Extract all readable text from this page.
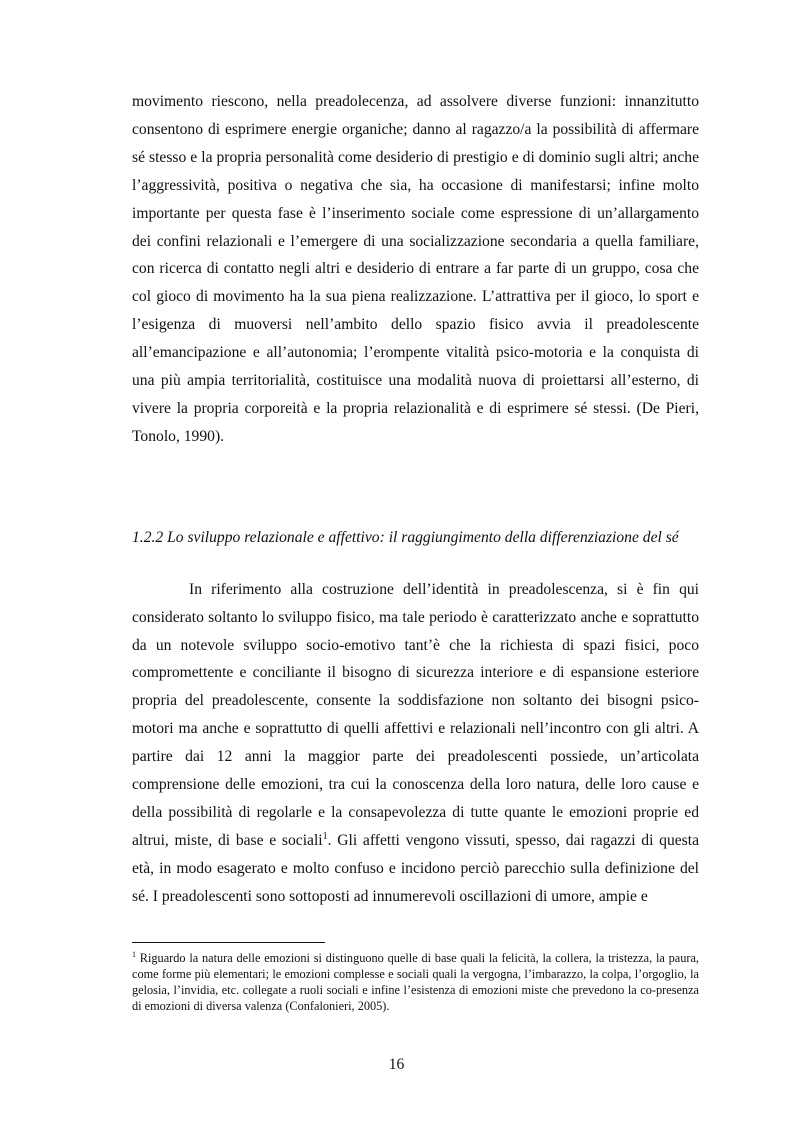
movimento riescono, nella preadolecenza, ad assolvere diverse funzioni: innanzitutto consentono di esprimere energie organiche; danno al ragazzo/a la possibilità di affermare sé stesso e la propria personalità come desiderio di prestigio e di dominio sugli altri; anche l’aggressività, positiva o negativa che sia, ha occasione di manifestarsi; infine molto importante per questa fase è l’inserimento sociale come espressione di un’allargamento dei confini relazionali e l’emergere di una socializzazione secondaria a quella familiare, con ricerca di contatto negli altri e desiderio di entrare a far parte di un gruppo, cosa che col gioco di movimento ha la sua piena realizzazione. L’attrattiva per il gioco, lo sport e l’esigenza di muoversi nell’ambito dello spazio fisico avvia il preadolescente all’emancipazione e all’autonomia; l’erompente vitalità psico-motoria e la conquista di una più ampia territorialità, costituisce una modalità nuova di proiettarsi all’esterno, di vivere la propria corporeità e la propria relazionalità e di esprimere sé stessi. (De Pieri, Tonolo, 1990).

1.2.2 Lo sviluppo relazionale e affettivo: il raggiungimento della differenziazione del sé

In riferimento alla costruzione dell’identità in preadolescenza, si è fin qui considerato soltanto lo sviluppo fisico, ma tale periodo è caratterizzato anche e soprattutto da un notevole sviluppo socio-emotivo tant’è che la richiesta di spazi fisici, poco compromettente e conciliante il bisogno di sicurezza interiore e di espansione esteriore propria del preadolescente, consente la soddisfazione non soltanto dei bisogni psico-motori ma anche e soprattutto di quelli affettivi e relazionali nell’incontro con gli altri. A partire dai 12 anni la maggior parte dei preadolescenti possiede, un’articolata comprensione delle emozioni, tra cui la conoscenza della loro natura, delle loro cause e della possibilità di regolarle e la consapevolezza di tutte quante le emozioni proprie ed altrui, miste, di base e sociali$^1$. Gli affetti vengono vissuti, spesso, dai ragazzi di questa età, in modo esagerato e molto confuso e incidono perciò parecchio sulla definizione del sé. I preadolescenti sono sottoposti ad innumerevoli oscillazioni di umore, ampie e

$^1$ Riguardo la natura delle emozioni si distinguono quelle di base quali la felicità, la collera, la tristezza, la paura, come forme più elementari; le emozioni complesse e sociali quali la vergogna, l’imbarazzo, la colpa, l’orgoglio, la gelosia, l’invidia, etc. collegate a ruoli sociali e infine l’esistenza di emozioni miste che prevedono la co-presenza di emozioni di diversa valenza (Confalonieri, 2005).

16
